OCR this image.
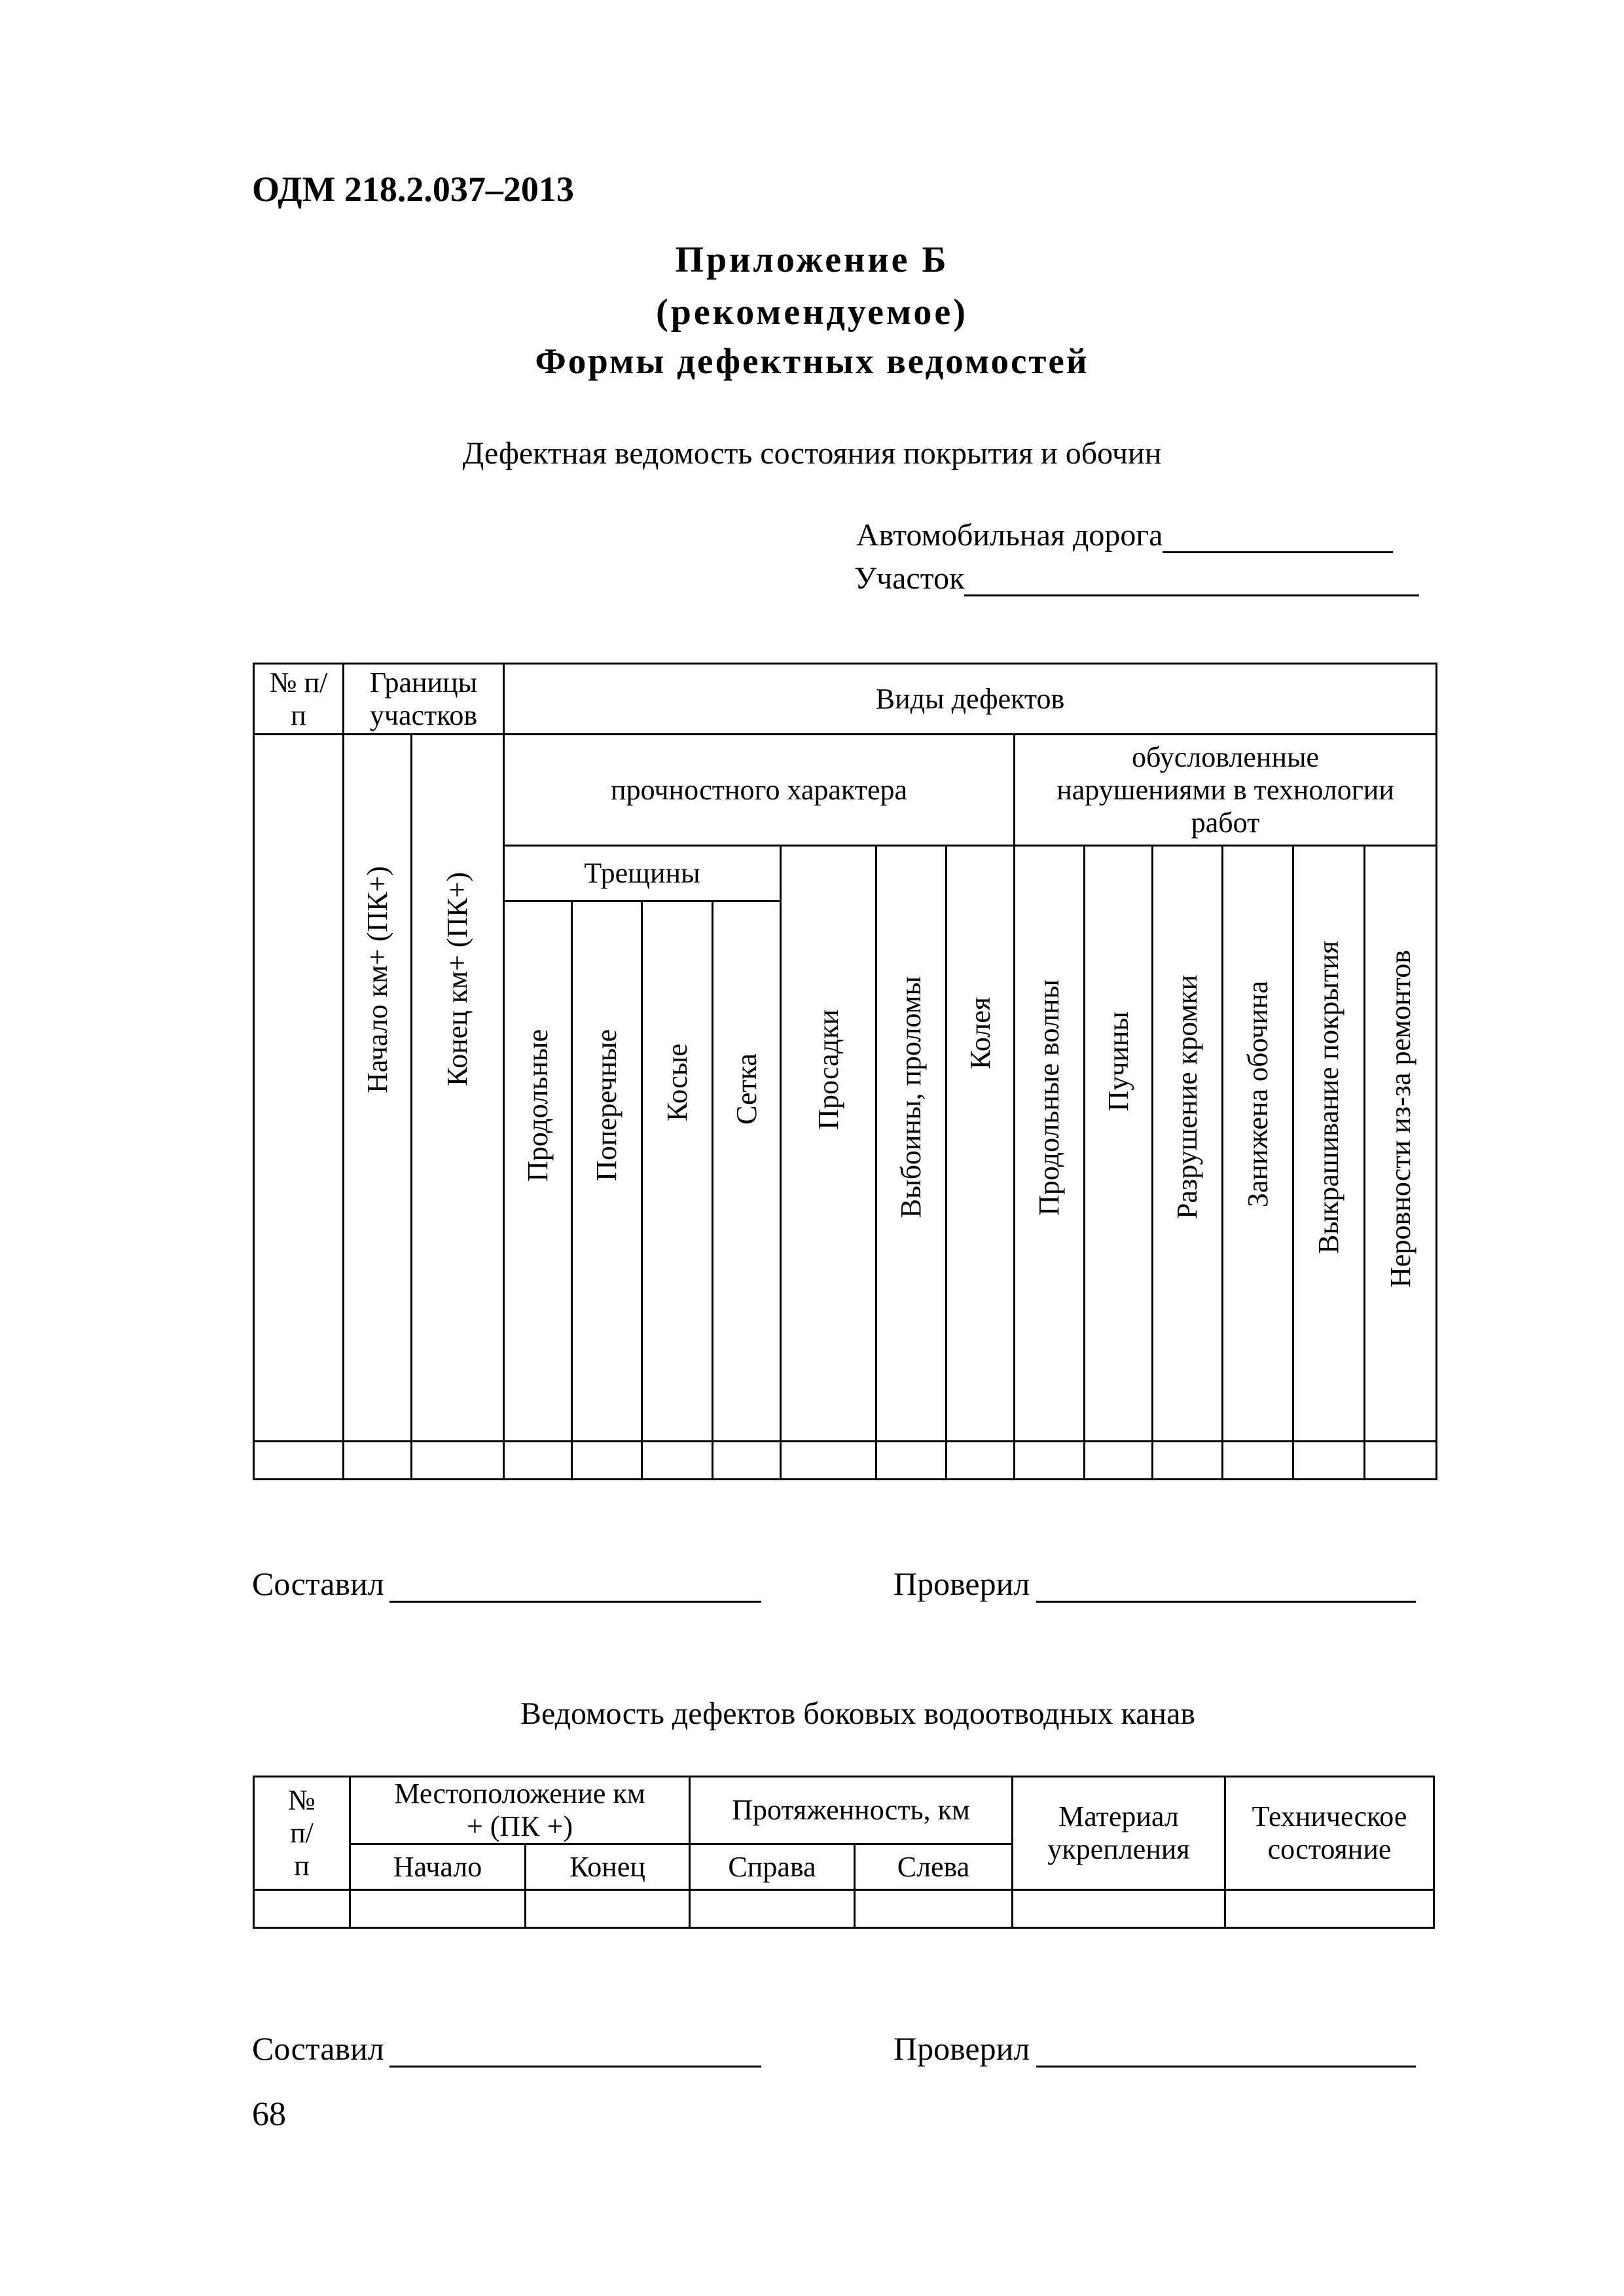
ОДМ 218.2.037–2013
Приложение Б
(рекомендуемое)
Формы дефектных ведомостей
Дефектная ведомость состояния покрытия и обочин
Автомобильная дорога
Участок
№ п/п	Границы участков		Виды дефектов												
	Начало км+ (ПК+)	Конец км+ (ПК+)	прочностного характера							обусловленные нарушениями в технологии работ					
			Трещины				Просадки	Выбоины, проломы	Колея	Продольные волны	Пучины	Разрушение кромки	Занижена обочина	Выкрашивание покрытия	Неровности из-за ремонтов
			Продольные	Поперечные	Косые	Сетка									

Составил	Проверил
Ведомость дефектов боковых водоотводных канав
№ п/п	Местоположение км + (ПК +)		Протяженность, км		Материал укрепления	Техническое состояние
	Начало	Конец	Справа	Слева		

Составил	Проверил
68
